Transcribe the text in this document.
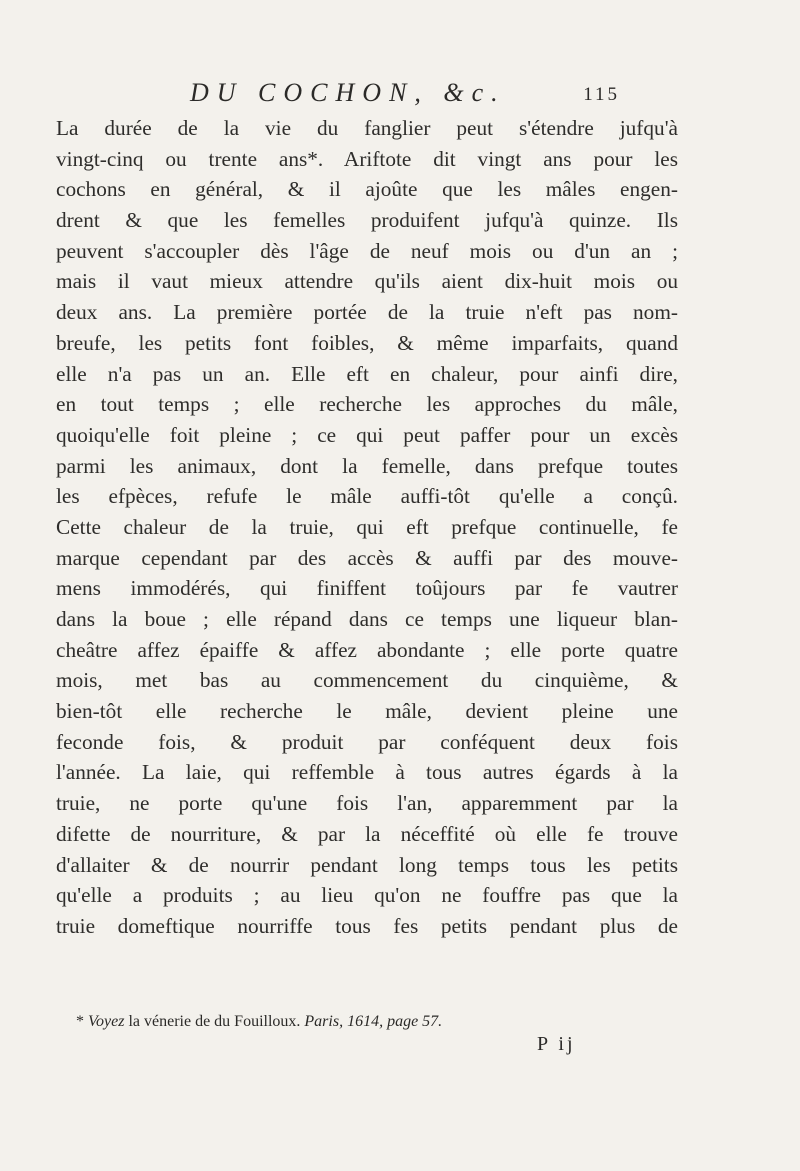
DU COCHON, &c.	115
La durée de la vie du fanglier peut s'étendre jufqu'à
vingt-cinq ou trente ans*. Ariftote dit vingt ans pour les
cochons en général, & il ajoûte que les mâles engen-
drent & que les femelles produifent jufqu'à quinze. Ils
peuvent s'accoupler dès l'âge de neuf mois ou d'un an ;
mais il vaut mieux attendre qu'ils aient dix-huit mois ou
deux ans. La première portée de la truie n'eft pas nom-
breufe, les petits font foibles, & même imparfaits, quand
elle n'a pas un an. Elle eft en chaleur, pour ainfi dire,
en tout temps ; elle recherche les approches du mâle,
quoiqu'elle foit pleine ; ce qui peut paffer pour un excès
parmi les animaux, dont la femelle, dans prefque toutes
les efpèces, refufe le mâle auffi-tôt qu'elle a conçû.
Cette chaleur de la truie, qui eft prefque continuelle, fe
marque cependant par des accès & auffi par des mouve-
mens immodérés, qui finiffent toûjours par fe vautrer
dans la boue ; elle répand dans ce temps une liqueur blan-
cheâtre affez épaiffe & affez abondante ; elle porte quatre
mois, met bas au commencement du cinquième, &
bien-tôt elle recherche le mâle, devient pleine une
feconde fois, & produit par conféquent deux fois
l'année. La laie, qui reffemble à tous autres égards à la
truie, ne porte qu'une fois l'an, apparemment par la
difette de nourriture, & par la néceffité où elle fe trouve
d'allaiter & de nourrir pendant long temps tous les petits
qu'elle a produits ; au lieu qu'on ne fouffre pas que la
truie domeftique nourriffe tous fes petits pendant plus de
* Voyez la vénerie de du Fouilloux. Paris, 1614, page 57.
P ij
